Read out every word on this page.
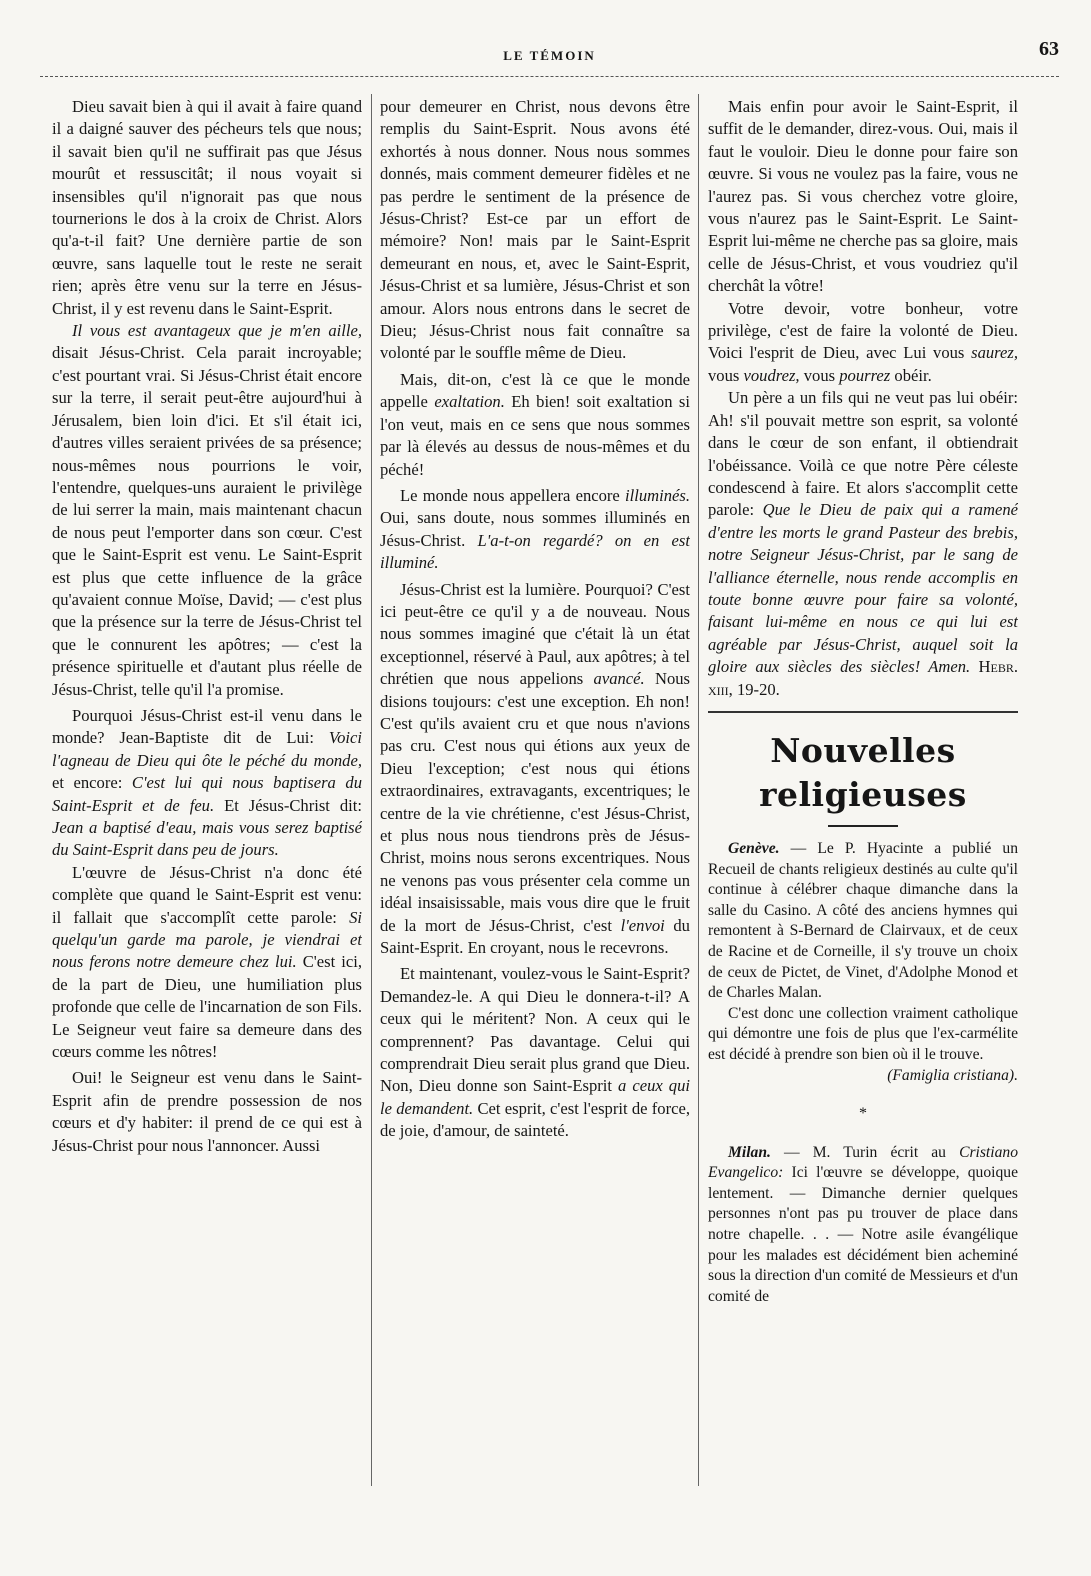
LE TÉMOIN	63

Dieu savait bien à qui il avait à faire quand il a daigné sauver des pécheurs tels que nous; il savait bien qu'il ne suffirait pas que Jésus mourût et ressuscitât; il nous voyait si insensibles qu'il n'ignorait pas que nous tournerions le dos à la croix de Christ. Alors qu'a-t-il fait? Une dernière partie de son œuvre, sans laquelle tout le reste ne serait rien; après être venu sur la terre en Jésus-Christ, il y est revenu dans le Saint-Esprit.

Il vous est avantageux que je m'en aille, disait Jésus-Christ. Cela parait incroyable; c'est pourtant vrai. Si Jésus-Christ était encore sur la terre, il serait peut-être aujourd'hui à Jérusalem, bien loin d'ici. Et s'il était ici, d'autres villes seraient privées de sa présence; nous-mêmes nous pourrions le voir, l'entendre, quelques-uns auraient le privilège de lui serrer la main, mais maintenant chacun de nous peut l'emporter dans son cœur. C'est que le Saint-Esprit est venu. Le Saint-Esprit est plus que cette influence de la grâce qu'avaient connue Moïse, David; — c'est plus que la présence sur la terre de Jésus-Christ tel que le connurent les apôtres; — c'est la présence spirituelle et d'autant plus réelle de Jésus-Christ, telle qu'il l'a promise.

Pourquoi Jésus-Christ est-il venu dans le monde? Jean-Baptiste dit de Lui: Voici l'agneau de Dieu qui ôte le péché du monde, et encore: C'est lui qui nous baptisera du Saint-Esprit et de feu. Et Jésus-Christ dit: Jean a baptisé d'eau, mais vous serez baptisé du Saint-Esprit dans peu de jours.

L'œuvre de Jésus-Christ n'a donc été complète que quand le Saint-Esprit est venu: il fallait que s'accomplît cette parole: Si quelqu'un garde ma parole, je viendrai et nous ferons notre demeure chez lui. C'est ici, de la part de Dieu, une humiliation plus profonde que celle de l'incarnation de son Fils. Le Seigneur veut faire sa demeure dans des cœurs comme les nôtres!

Oui! le Seigneur est venu dans le Saint-Esprit afin de prendre possession de nos cœurs et d'y habiter: il prend de ce qui est à Jésus-Christ pour nous l'annoncer. Aussi

pour demeurer en Christ, nous devons être remplis du Saint-Esprit. Nous avons été exhortés à nous donner. Nous nous sommes donnés, mais comment demeurer fidèles et ne pas perdre le sentiment de la présence de Jésus-Christ? Est-ce par un effort de mémoire? Non! mais par le Saint-Esprit demeurant en nous, et, avec le Saint-Esprit, Jésus-Christ et sa lumière, Jésus-Christ et son amour. Alors nous entrons dans le secret de Dieu; Jésus-Christ nous fait connaître sa volonté par le souffle même de Dieu.

Mais, dit-on, c'est là ce que le monde appelle exaltation. Eh bien! soit exaltation si l'on veut, mais en ce sens que nous sommes par là élevés au dessus de nous-mêmes et du péché!

Le monde nous appellera encore illuminés. Oui, sans doute, nous sommes illuminés en Jésus-Christ. L'a-t-on regardé? on en est illuminé.

Jésus-Christ est la lumière. Pourquoi? C'est ici peut-être ce qu'il y a de nouveau. Nous nous sommes imaginé que c'était là un état exceptionnel, réservé à Paul, aux apôtres; à tel chrétien que nous appelions avancé. Nous disions toujours: c'est une exception. Eh non! C'est qu'ils avaient cru et que nous n'avions pas cru. C'est nous qui étions aux yeux de Dieu l'exception; c'est nous qui étions extraordinaires, extravagants, excentriques; le centre de la vie chrétienne, c'est Jésus-Christ, et plus nous nous tiendrons près de Jésus-Christ, moins nous serons excentriques. Nous ne venons pas vous présenter cela comme un idéal insaisissable, mais vous dire que le fruit de la mort de Jésus-Christ, c'est l'envoi du Saint-Esprit. En croyant, nous le recevrons.

Et maintenant, voulez-vous le Saint-Esprit? Demandez-le. A qui Dieu le donnera-t-il? A ceux qui le méritent? Non. A ceux qui le comprennent? Pas davantage. Celui qui comprendrait Dieu serait plus grand que Dieu. Non, Dieu donne son Saint-Esprit a ceux qui le demandent. Cet esprit, c'est l'esprit de force, de joie, d'amour, de sainteté.

Mais enfin pour avoir le Saint-Esprit, il suffit de le demander, direz-vous. Oui, mais il faut le vouloir. Dieu le donne pour faire son œuvre. Si vous ne voulez pas la faire, vous ne l'aurez pas. Si vous cherchez votre gloire, vous n'aurez pas le Saint-Esprit. Le Saint-Esprit lui-même ne cherche pas sa gloire, mais celle de Jésus-Christ, et vous voudriez qu'il cherchât la vôtre!

Votre devoir, votre bonheur, votre privilège, c'est de faire la volonté de Dieu. Voici l'esprit de Dieu, avec Lui vous saurez, vous voudrez, vous pourrez obéir.

Un père a un fils qui ne veut pas lui obéir: Ah! s'il pouvait mettre son esprit, sa volonté dans le cœur de son enfant, il obtiendrait l'obéissance. Voilà ce que notre Père céleste condescend à faire. Et alors s'accomplit cette parole: Que le Dieu de paix qui a ramené d'entre les morts le grand Pasteur des brebis, notre Seigneur Jésus-Christ, par le sang de l'alliance éternelle, nous rende accomplis en toute bonne œuvre pour faire sa volonté, faisant lui-même en nous ce qui lui est agréable par Jésus-Christ, auquel soit la gloire aux siècles des siècles! Amen. Hebr. xiii, 19-20.

Nouvelles religieuses

Genève. — Le P. Hyacinte a publié un Recueil de chants religieux destinés au culte qu'il continue à célébrer chaque dimanche dans la salle du Casino. A côté des anciens hymnes qui remontent à S-Bernard de Clairvaux, et de ceux de Racine et de Corneille, il s'y trouve un choix de ceux de Pictet, de Vinet, d'Adolphe Monod et de Charles Malan.

C'est donc une collection vraiment catholique qui démontre une fois de plus que l'ex-carmélite est décidé à prendre son bien où il le trouve.

(Famiglia cristiana).

*

Milan. — M. Turin écrit au Cristiano Evangelico: Ici l'œuvre se développe, quoique lentement. — Dimanche dernier quelques personnes n'ont pas pu trouver de place dans notre chapelle. . . — Notre asile évangélique pour les malades est décidément bien acheminé sous la direction d'un comité de Messieurs et d'un comité de
